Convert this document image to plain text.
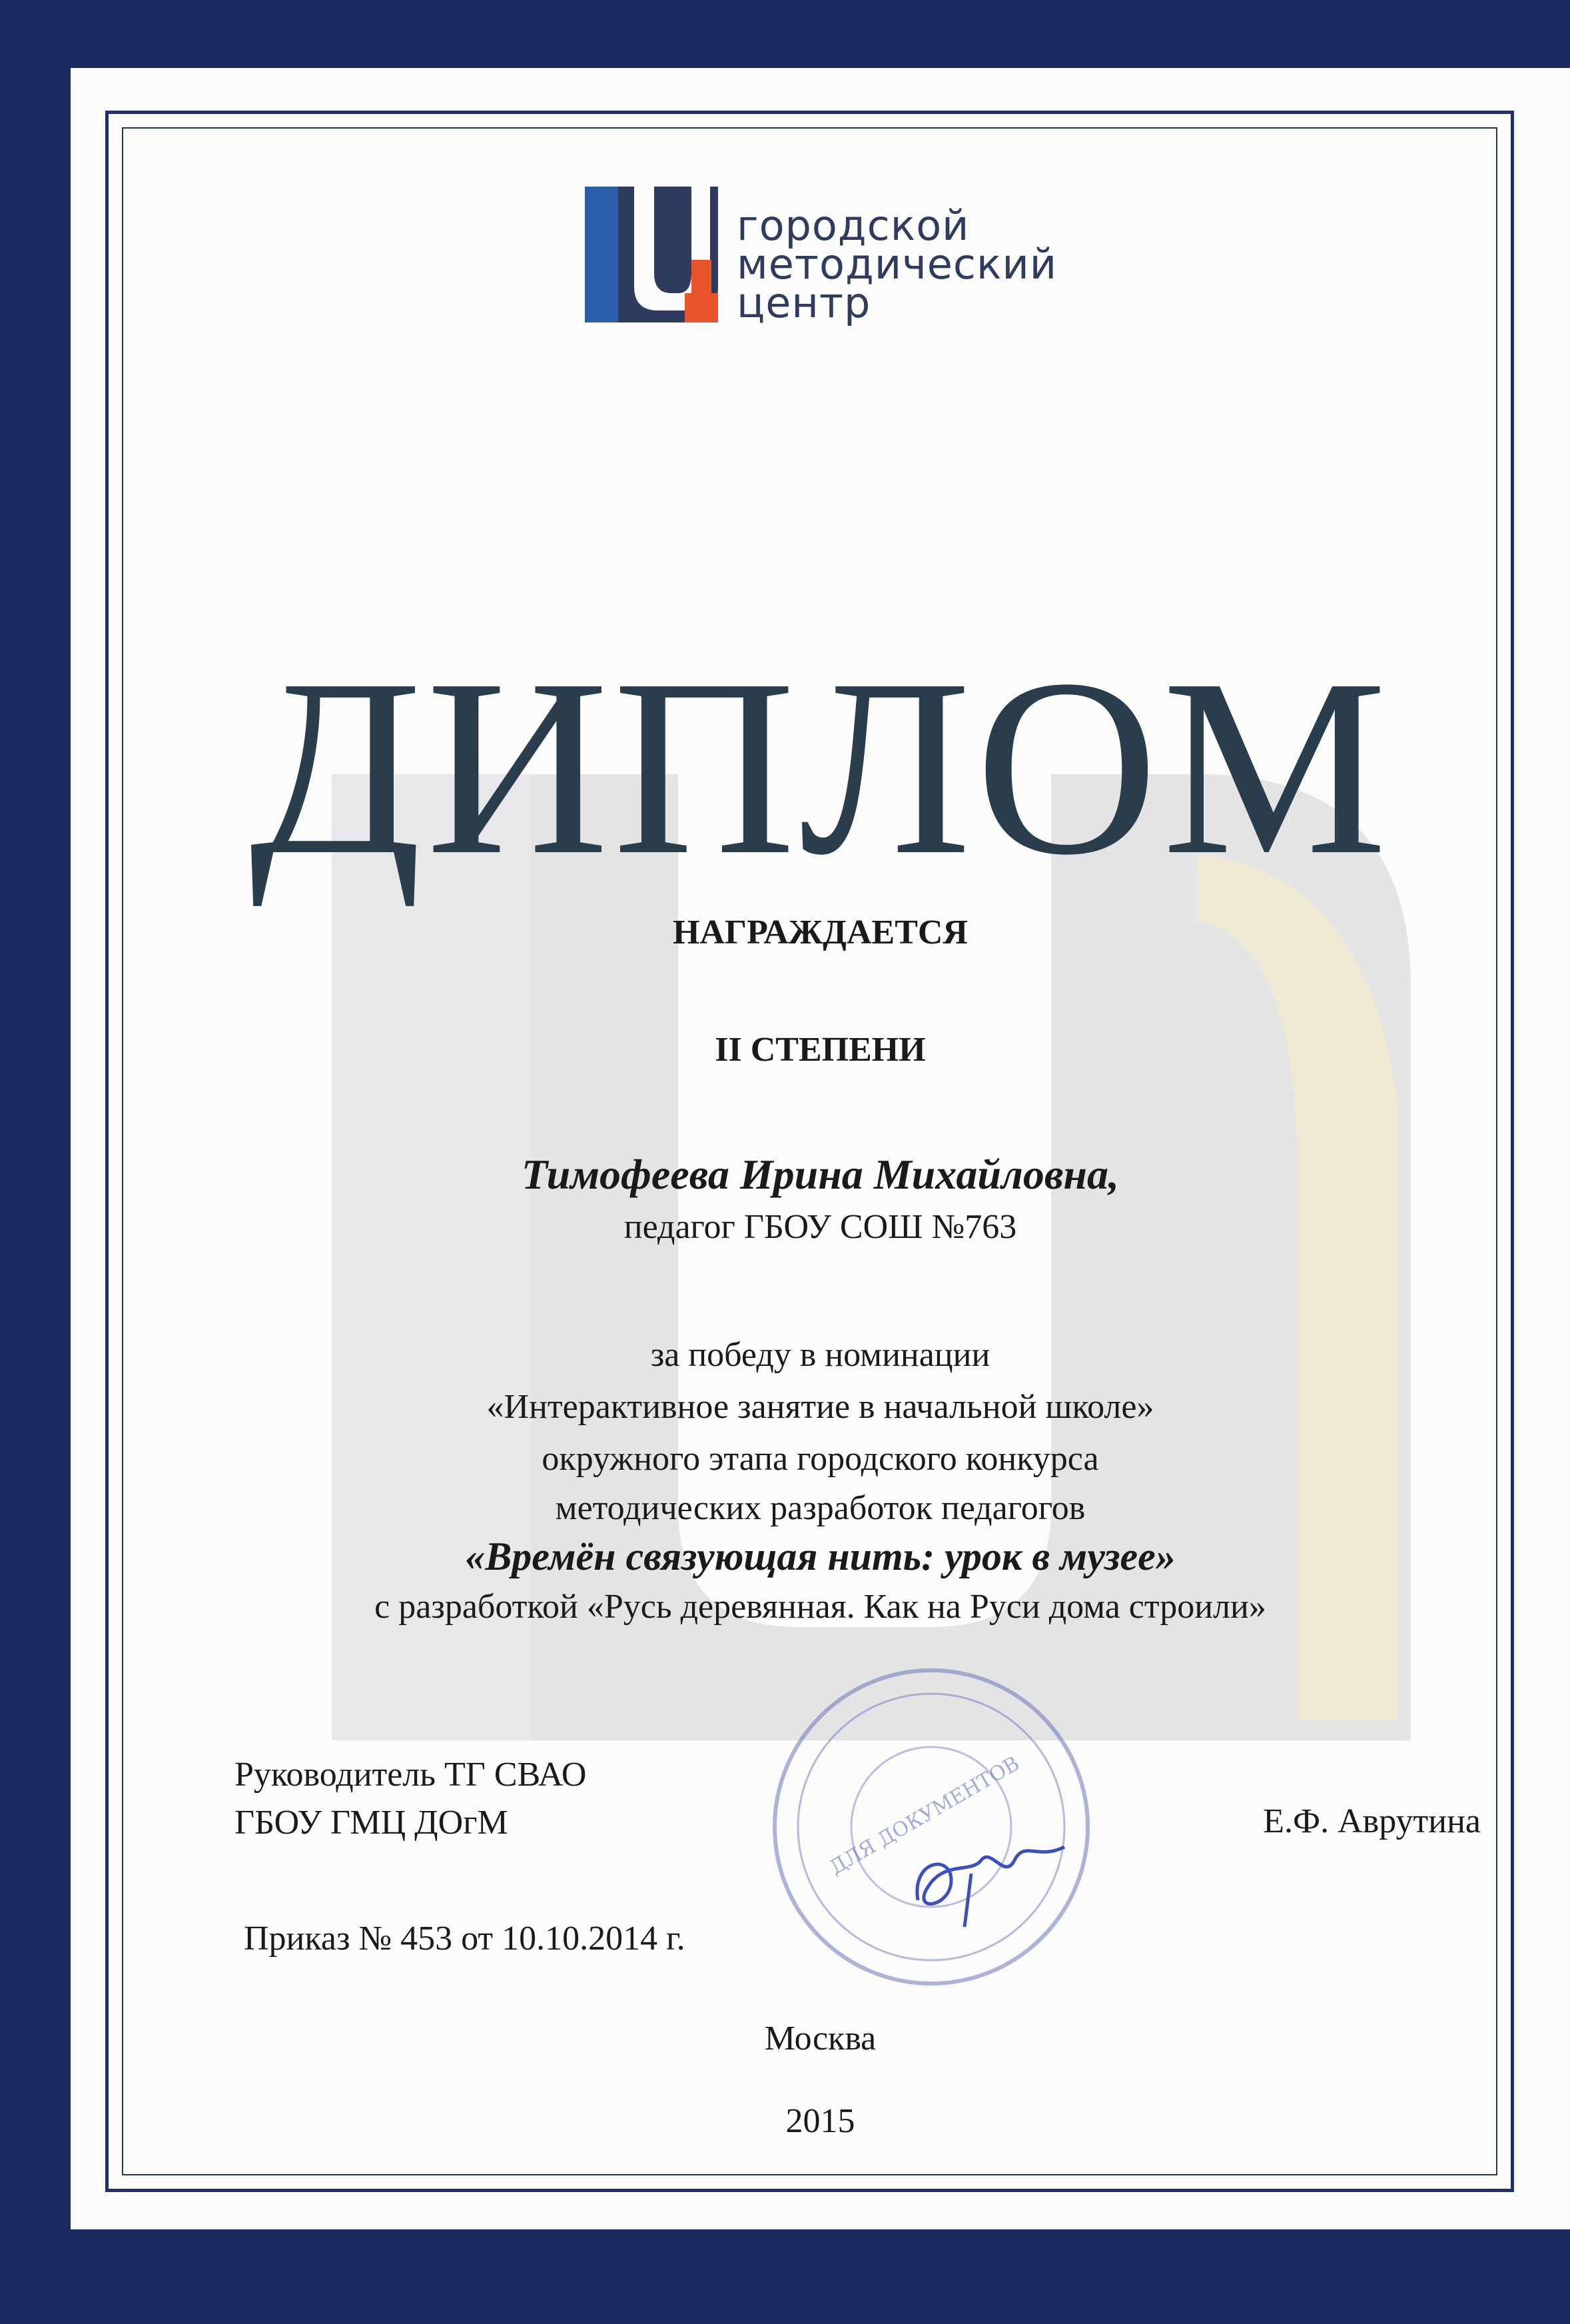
городской
методический
центр
ДИПЛОМ
НАГРАЖДАЕТСЯ
II СТЕПЕНИ
Тимофеева Ирина Михайловна,
педагог ГБОУ СОШ №763
за победу в номинации
«Интерактивное занятие в начальной школе»
окружного этапа городского конкурса
методических разработок педагогов
«Времён связующая нить: урок в музее»
с разработкой «Русь деревянная. Как на Руси дома строили»
ДЛЯ ДОКУМЕНТОВ
Руководитель ТГ СВАО
ГБОУ ГМЦ ДОгМ	Е.Ф. Аврутина
Приказ № 453 от 10.10.2014 г.
Москва
2015
